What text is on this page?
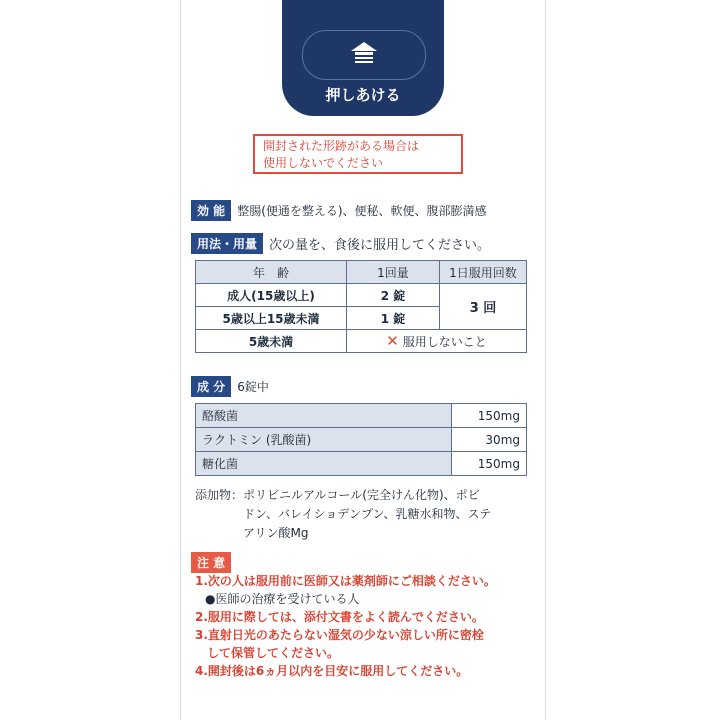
押しあける
開封された形跡がある場合は
使用しないでください
効 能 整腸(便通を整える)、便秘、軟便、腹部膨満感
用法・用量 次の量を、食後に服用してください。
年　齢	1回量	1日服用回数
成人(15歳以上)	2 錠	3 回
5歳以上15歳未満	1 錠	
5歳未満	✕ 服用しないこと	
成 分 6錠中
酪酸菌	150mg
ラクトミン (乳酸菌)	30mg
糖化菌	150mg
添加物：ポリビニルアルコール(完全けん化物)、ポビ
ドン、バレイショデンプン、乳糖水和物、ステ
アリン酸Mg
注 意
1.次の人は服用前に医師又は薬剤師にご相談ください。
●医師の治療を受けている人
2.服用に際しては、添付文書をよく読んでください。
3.直射日光のあたらない湿気の少ない涼しい所に密栓
して保管してください。
4.開封後は6ヵ月以内を目安に服用してください。
